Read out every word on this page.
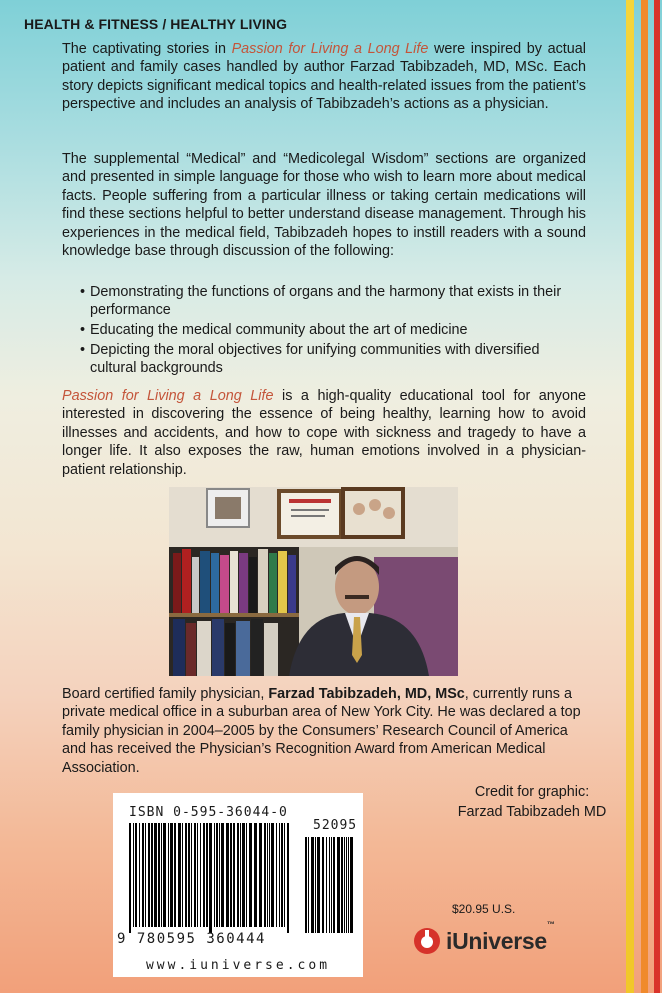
HEALTH & FITNESS / HEALTHY LIVING

The captivating stories in Passion for Living a Long Life were inspired by actual patient and family cases handled by author Farzad Tabibzadeh, MD, MSc. Each story depicts significant medical topics and health-related issues from the patient’s perspective and includes an analysis of Tabibzadeh’s actions as a physician.

The supplemental “Medical” and “Medicolegal Wisdom” sections are organized and presented in simple language for those who wish to learn more about medical facts. People suffering from a particular illness or taking certain medications will find these sections helpful to better understand disease management. Through his experiences in the medical field, Tabibzadeh hopes to instill readers with a sound knowledge base through discussion of the following:

• Demonstrating the functions of organs and the harmony that exists in their performance
• Educating the medical community about the art of medicine
• Depicting the moral objectives for unifying communities with diversified cultural backgrounds

Passion for Living a Long Life is a high-quality educational tool for anyone interested in discovering the essence of being healthy, learning how to avoid illnesses and accidents, and how to cope with sickness and tragedy to have a longer life. It also exposes the raw, human emotions involved in a physician-patient relationship.

Board certified family physician, Farzad Tabibzadeh, MD, MSc, currently runs a private medical office in a suburban area of New York City. He was declared a top family physician in 2004–2005 by the Consumers’ Research Council of America and has received the Physician’s Recognition Award from American Medical Association.

Credit for graphic:
Farzad Tabibzadeh MD
ISBN 0-595-36044-0
52095
9 780595 360444
www.iuniverse.com
$20.95 U.S.
iUniverse™
